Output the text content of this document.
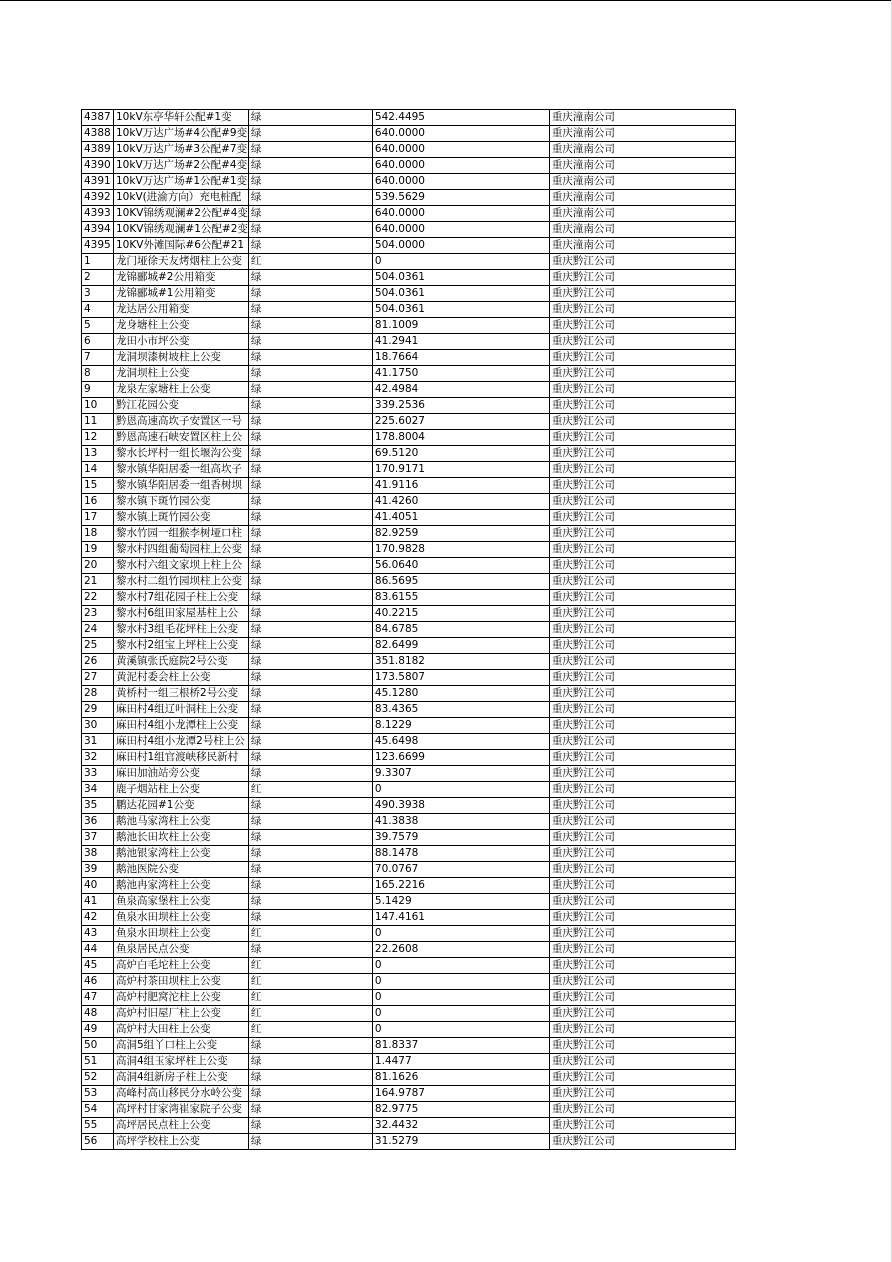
4387	10kV东亭华轩公配#1变	绿	542.4495	重庆潼南公司
4388	10kV万达广场#4公配#9变	绿	640.0000	重庆潼南公司
4389	10kV万达广场#3公配#7变	绿	640.0000	重庆潼南公司
4390	10kV万达广场#2公配#4变	绿	640.0000	重庆潼南公司
4391	10kV万达广场#1公配#1变	绿	640.0000	重庆潼南公司
4392	10kV(进渝方向）充电桩配	绿	539.5629	重庆潼南公司
4393	10KV锦绣观澜#2公配#4变	绿	640.0000	重庆潼南公司
4394	10KV锦绣观澜#1公配#2变	绿	640.0000	重庆潼南公司
4395	10KV外滩国际#6公配#21	绿	504.0000	重庆潼南公司
1	龙门垭徐天友烤烟柱上公变	红	0	重庆黔江公司
2	龙锦郦城#2公用箱变	绿	504.0361	重庆黔江公司
3	龙锦郦城#1公用箱变	绿	504.0361	重庆黔江公司
4	龙达居公用箱变	绿	504.0361	重庆黔江公司
5	龙身塘柱上公变	绿	81.1009	重庆黔江公司
6	龙田小市坪公变	绿	41.2941	重庆黔江公司
7	龙洞坝漆树坡柱上公变	绿	18.7664	重庆黔江公司
8	龙洞坝柱上公变	绿	41.1750	重庆黔江公司
9	龙泉左家塘柱上公变	绿	42.4984	重庆黔江公司
10	黔江花园公变	绿	339.2536	重庆黔江公司
11	黔恩高速高坎子安置区一号	绿	225.6027	重庆黔江公司
12	黔恩高速石峡安置区柱上公	绿	178.8004	重庆黔江公司
13	黎水长坪村一组长堰沟公变	绿	69.5120	重庆黔江公司
14	黎水镇华阳居委一组高坎子	绿	170.9171	重庆黔江公司
15	黎水镇华阳居委一组香树坝	绿	41.9116	重庆黔江公司
16	黎水镇下斑竹园公变	绿	41.4260	重庆黔江公司
17	黎水镇上斑竹园公变	绿	41.4051	重庆黔江公司
18	黎水竹园一组猴李树垭口柱	绿	82.9259	重庆黔江公司
19	黎水村四组葡萄园柱上公变	绿	170.9828	重庆黔江公司
20	黎水村六组文家坝上柱上公	绿	56.0640	重庆黔江公司
21	黎水村二组竹园坝柱上公变	绿	86.5695	重庆黔江公司
22	黎水村7组花园子柱上公变	绿	83.6155	重庆黔江公司
23	黎水村6组田家屋基柱上公	绿	40.2215	重庆黔江公司
24	黎水村3组毛花坪柱上公变	绿	84.6785	重庆黔江公司
25	黎水村2组宝上坪柱上公变	绿	82.6499	重庆黔江公司
26	黄溪镇张氏庭院2号公变	绿	351.8182	重庆黔江公司
27	黄泥村委会柱上公变	绿	173.5807	重庆黔江公司
28	黄桥村一组三根桥2号公变	绿	45.1280	重庆黔江公司
29	麻田村4组辽叶洞柱上公变	绿	83.4365	重庆黔江公司
30	麻田村4组小龙潭柱上公变	绿	8.1229	重庆黔江公司
31	麻田村4组小龙潭2号柱上公	绿	45.6498	重庆黔江公司
32	麻田村1组官渡峡移民新村	绿	123.6699	重庆黔江公司
33	麻田加油站旁公变	绿	9.3307	重庆黔江公司
34	鹿子烟站柱上公变	红	0	重庆黔江公司
35	鹏达花园#1公变	绿	490.3938	重庆黔江公司
36	鹅池马家湾柱上公变	绿	41.3838	重庆黔江公司
37	鹅池长田坎柱上公变	绿	39.7579	重庆黔江公司
38	鹅池银家湾柱上公变	绿	88.1478	重庆黔江公司
39	鹅池医院公变	绿	70.0767	重庆黔江公司
40	鹅池冉家湾柱上公变	绿	165.2216	重庆黔江公司
41	鱼泉高家堡柱上公变	绿	5.1429	重庆黔江公司
42	鱼泉水田坝柱上公变	绿	147.4161	重庆黔江公司
43	鱼泉水田坝柱上公变	红	0	重庆黔江公司
44	鱼泉居民点公变	绿	22.2608	重庆黔江公司
45	高炉白毛坨柱上公变	红	0	重庆黔江公司
46	高炉村茶田坝柱上公变	红	0	重庆黔江公司
47	高炉村肥窝沱柱上公变	红	0	重庆黔江公司
48	高炉村旧屋厂柱上公变	红	0	重庆黔江公司
49	高炉村大田柱上公变	红	0	重庆黔江公司
50	高洞5组丫口柱上公变	绿	81.8337	重庆黔江公司
51	高洞4组玉家坪柱上公变	绿	1.4477	重庆黔江公司
52	高洞4组新房子柱上公变	绿	81.1626	重庆黔江公司
53	高峰村高山移民分水岭公变	绿	164.9787	重庆黔江公司
54	高坪村甘家湾崔家院子公变	绿	82.9775	重庆黔江公司
55	高坪居民点柱上公变	绿	32.4432	重庆黔江公司
56	高坪学校柱上公变	绿	31.5279	重庆黔江公司
